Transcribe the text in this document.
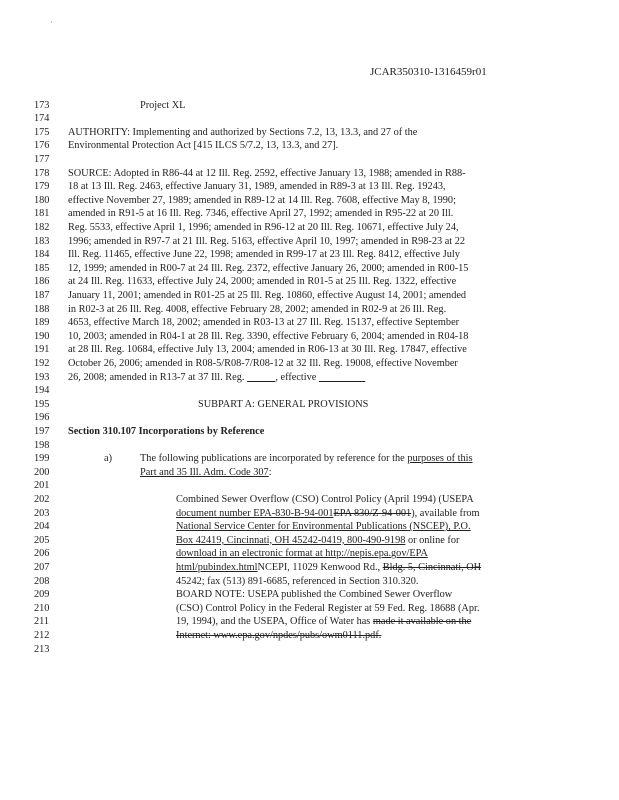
·
JCAR350310-1316459r01
173	Project XL
174
175	AUTHORITY: Implementing and authorized by Sections 7.2, 13, 13.3, and 27 of the
176	Environmental Protection Act [415 ILCS 5/7.2, 13, 13.3, and 27].
177
178	SOURCE: Adopted in R86-44 at 12 Ill. Reg. 2592, effective January 13, 1988; amended in R88-
179	18 at 13 Ill. Reg. 2463, effective January 31, 1989, amended in R89-3 at 13 Ill. Reg. 19243,
180	effective November 27, 1989; amended in R89-12 at 14 Ill. Reg. 7608, effective May 8, 1990;
181	amended in R91-5 at 16 Ill. Reg. 7346, effective April 27, 1992; amended in R95-22 at 20 Ill.
182	Reg. 5533, effective April 1, 1996; amended in R96-12 at 20 Ill. Reg. 10671, effective July 24,
183	1996; amended in R97-7 at 21 Ill. Reg. 5163, effective April 10, 1997; amended in R98-23 at 22
184	Ill. Reg. 11465, effective June 22, 1998; amended in R99-17 at 23 Ill. Reg. 8412, effective July
185	12, 1999; amended in R00-7 at 24 Ill. Reg. 2372, effective January 26, 2000; amended in R00-15
186	at 24 Ill. Reg. 11633, effective July 24, 2000; amended in R01-5 at 25 Ill. Reg. 1322, effective
187	January 11, 2001; amended in R01-25 at 25 Ill. Reg. 10860, effective August 14, 2001; amended
188	in R02-3 at 26 Ill. Reg. 4008, effective February 28, 2002; amended in R02-9 at 26 Ill. Reg.
189	4653, effective March 18, 2002; amended in R03-13 at 27 Ill. Reg. 15137, effective September
190	10, 2003; amended in R04-1 at 28 Ill. Reg. 3390, effective February 6, 2004; amended in R04-18
191	at 28 Ill. Reg. 10684, effective July 13, 2004; amended in R06-13 at 30 Ill. Reg. 17847, effective
192	October 26, 2006; amended in R08-5/R08-7/R08-12 at 32 Ill. Reg. 19008, effective November
193	26, 2008; amended in R13-7 at 37 Ill. Reg.	, effective
194
195	SUBPART A: GENERAL PROVISIONS
196
197	Section 310.107 Incorporations by Reference
198
199	a)	The following publications are incorporated by reference for the purposes of this
200	Part and 35 Ill. Adm. Code 307:
201
202	Combined Sewer Overflow (CSO) Control Policy (April 1994) (USEPA
203	document number EPA-830-B-94-001EPA 830/Z-94-001), available from
204	National Service Center for Environmental Publications (NSCEP), P.O.
205	Box 42419, Cincinnati, OH 45242-0419, 800-490-9198 or online for
206	download in an electronic format at http://nepis.epa.gov/EPA
207	html/pubindex.htmlNCEPI, 11029 Kenwood Rd., Bldg. 5, Cincinnati, OH
208	45242; fax (513) 891-6685, referenced in Section 310.320.
209	BOARD NOTE: USEPA published the Combined Sewer Overflow
210	(CSO) Control Policy in the Federal Register at 59 Fed. Reg. 18688 (Apr.
211	19, 1994), and the USEPA, Office of Water has made it available on the
212	Internet: www.epa.gov/npdes/pubs/owm0111.pdf.
213
